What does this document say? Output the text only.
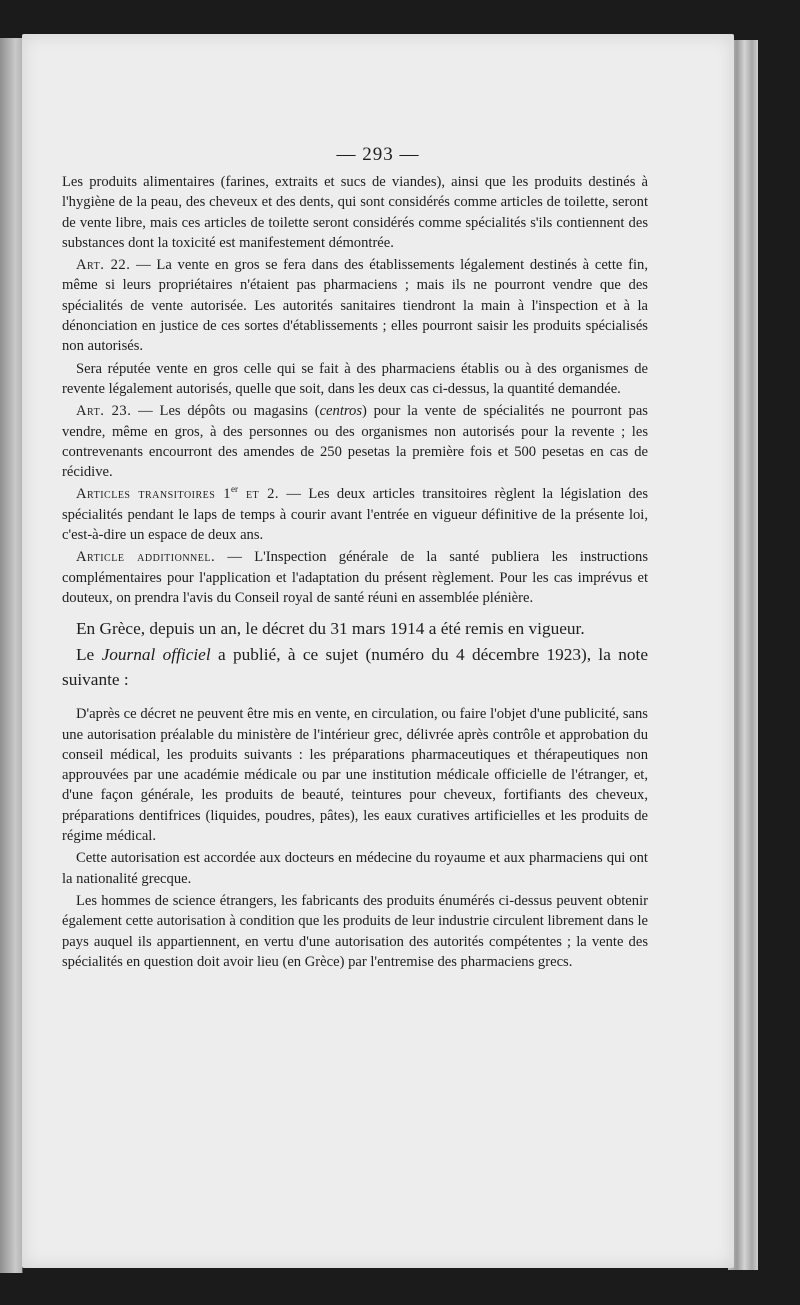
— 293 —

Les produits alimentaires (farines, extraits et sucs de viandes), ainsi que les produits destinés à l'hygiène de la peau, des cheveux et des dents, qui sont considérés comme articles de toilette, seront de vente libre, mais ces articles de toilette seront considérés comme spécialités s'ils contiennent des substances dont la toxicité est manifestement démontrée.

Art. 22. — La vente en gros se fera dans des établissements légalement destinés à cette fin, même si leurs propriétaires n'étaient pas pharmaciens ; mais ils ne pourront vendre que des spécialités de vente autorisée. Les autorités sanitaires tiendront la main à l'inspection et à la dénonciation en justice de ces sortes d'établissements ; elles pourront saisir les produits spécialisés non autorisés.

Sera réputée vente en gros celle qui se fait à des pharmaciens établis ou à des organismes de revente légalement autorisés, quelle que soit, dans les deux cas ci-dessus, la quantité demandée.

Art. 23. — Les dépôts ou magasins (centros) pour la vente de spécialités ne pourront pas vendre, même en gros, à des personnes ou des organismes non autorisés pour la revente ; les contrevenants encourront des amendes de 250 pesetas la première fois et 500 pesetas en cas de récidive.

Articles transitoires 1er et 2. — Les deux articles transitoires règlent la législation des spécialités pendant le laps de temps à courir avant l'entrée en vigueur définitive de la présente loi, c'est-à-dire un espace de deux ans.

Article additionnel. — L'Inspection générale de la santé publiera les instructions complémentaires pour l'application et l'adaptation du présent règlement. Pour les cas imprévus et douteux, on prendra l'avis du Conseil royal de santé réuni en assemblée plénière.

En Grèce, depuis un an, le décret du 31 mars 1914 a été remis en vigueur.

Le Journal officiel a publié, à ce sujet (numéro du 4 décembre 1923), la note suivante :

D'après ce décret ne peuvent être mis en vente, en circulation, ou faire l'objet d'une publicité, sans une autorisation préalable du ministère de l'intérieur grec, délivrée après contrôle et approbation du conseil médical, les produits suivants : les préparations pharmaceutiques et thérapeutiques non approuvées par une académie médicale ou par une institution médicale officielle de l'étranger, et, d'une façon générale, les produits de beauté, teintures pour cheveux, fortifiants des cheveux, préparations dentifrices (liquides, poudres, pâtes), les eaux curatives artificielles et les produits de régime médical.

Cette autorisation est accordée aux docteurs en médecine du royaume et aux pharmaciens qui ont la nationalité grecque.

Les hommes de science étrangers, les fabricants des produits énumérés ci-dessus peuvent obtenir également cette autorisation à condition que les produits de leur industrie circulent librement dans le pays auquel ils appartiennent, en vertu d'une autorisation des autorités compétentes ; la vente des spécialités en question doit avoir lieu (en Grèce) par l'entremise des pharmaciens grecs.
